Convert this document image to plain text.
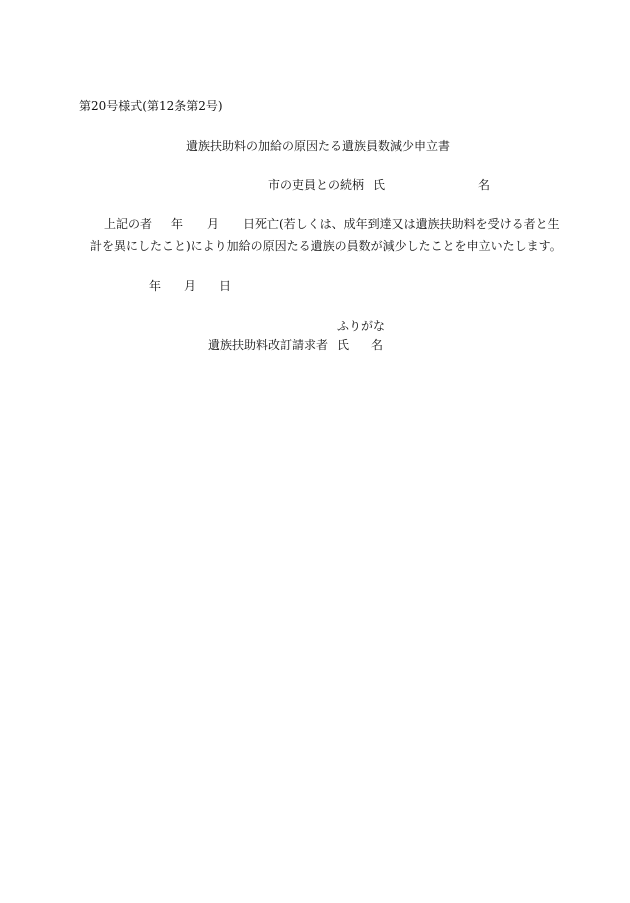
第20号様式(第12条第2号)
遺族扶助料の加給の原因たる遺族員数減少申立書
市の吏員との続柄 氏	名
上記の者 年 月 日死亡(若しくは、成年到達又は遺族扶助料を受ける者と生
計を異にしたこと)により加給の原因たる遺族の員数が減少したことを申立いたします。
年 月 日
ふりがな
遺族扶助料改訂請求者 氏 名
